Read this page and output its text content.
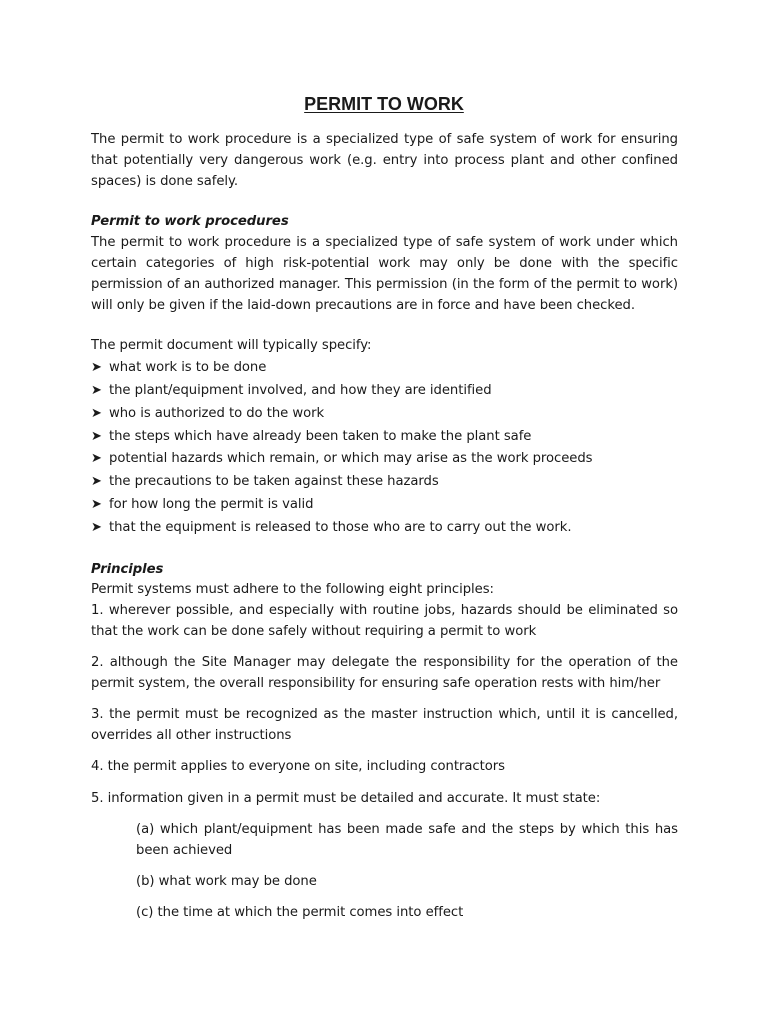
PERMIT TO WORK

The permit to work procedure is a specialized type of safe system of work for ensuring that potentially very dangerous work (e.g. entry into process plant and other confined spaces) is done safely.

Permit to work procedures

The permit to work procedure is a specialized type of safe system of work under which certain categories of high risk-potential work may only be done with the specific permission of an authorized manager. This permission (in the form of the permit to work) will only be given if the laid-down precautions are in force and have been checked.

The permit document will typically specify:

➤ what work is to be done
➤ the plant/equipment involved, and how they are identified
➤ who is authorized to do the work
➤ the steps which have already been taken to make the plant safe
➤ potential hazards which remain, or which may arise as the work proceeds
➤ the precautions to be taken against these hazards
➤ for how long the permit is valid
➤ that the equipment is released to those who are to carry out the work.

Principles

Permit systems must adhere to the following eight principles:

1. wherever possible, and especially with routine jobs, hazards should be eliminated so that the work can be done safely without requiring a permit to work

2. although the Site Manager may delegate the responsibility for the operation of the permit system, the overall responsibility for ensuring safe operation rests with him/her

3. the permit must be recognized as the master instruction which, until it is cancelled, overrides all other instructions

4. the permit applies to everyone on site, including contractors

5. information given in a permit must be detailed and accurate. It must state:

(a) which plant/equipment has been made safe and the steps by which this has been achieved

(b) what work may be done

(c) the time at which the permit comes into effect
